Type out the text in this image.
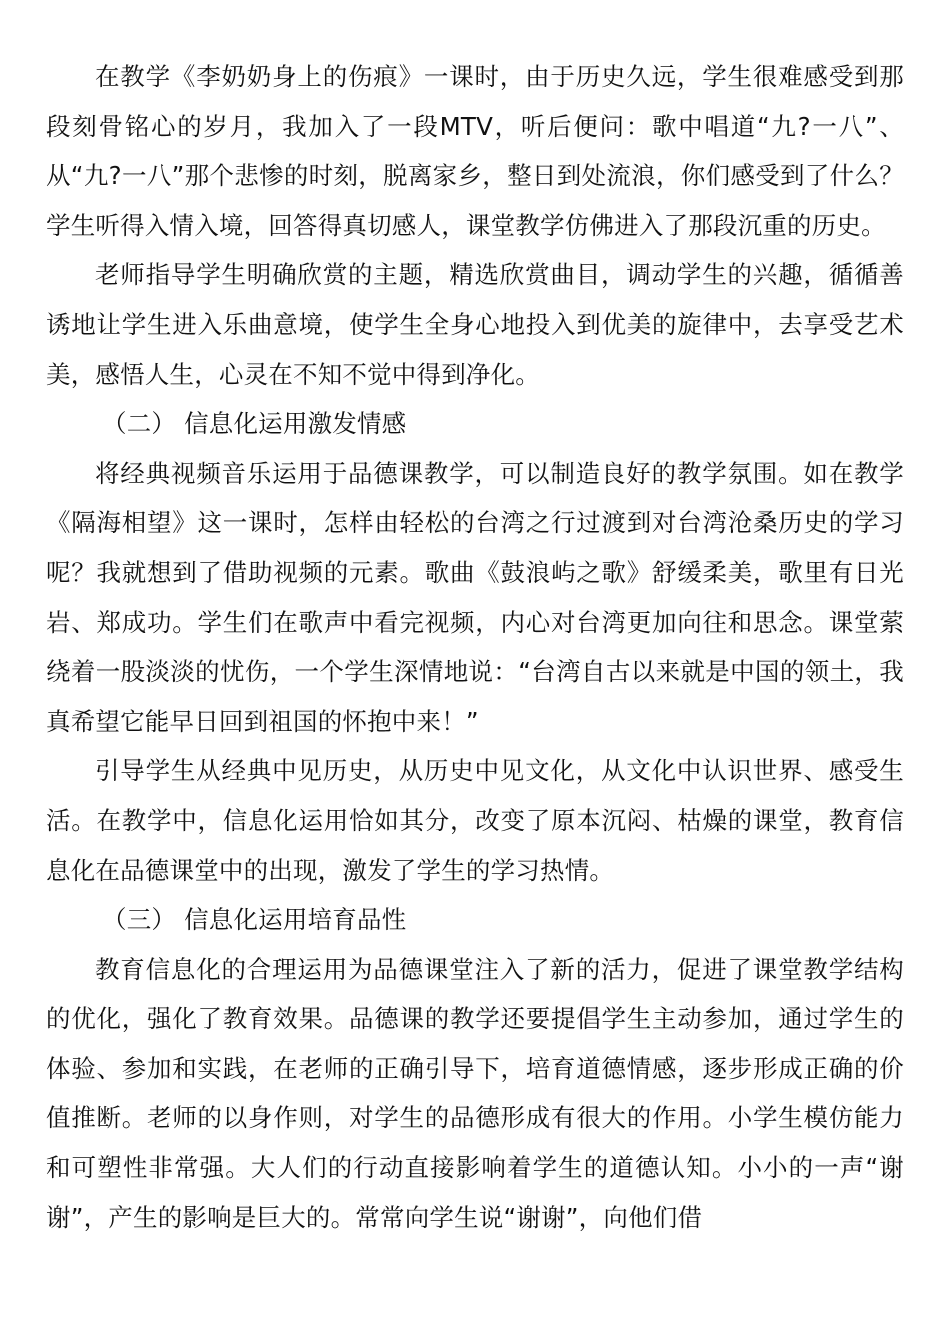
在教学《李奶奶身上的伤痕》一课时，由于历史久远，学生很难感受到那段刻骨铭心的岁月，我加入了一段MTV，听后便问：歌中唱道“九?一八”、从“九?一八”那个悲惨的时刻，脱离家乡，整日到处流浪，你们感受到了什么？学生听得入情入境，回答得真切感人，课堂教学仿佛进入了那段沉重的历史。

老师指导学生明确欣赏的主题，精选欣赏曲目，调动学生的兴趣，循循善诱地让学生进入乐曲意境，使学生全身心地投入到优美的旋律中，去享受艺术美，感悟人生，心灵在不知不觉中得到净化。

（二） 信息化运用激发情感

将经典视频音乐运用于品德课教学，可以制造良好的教学氛围。如在教学《隔海相望》这一课时，怎样由轻松的台湾之行过渡到对台湾沧桑历史的学习呢？我就想到了借助视频的元素。歌曲《鼓浪屿之歌》舒缓柔美，歌里有日光岩、郑成功。学生们在歌声中看完视频，内心对台湾更加向往和思念。课堂萦绕着一股淡淡的忧伤，一个学生深情地说：“台湾自古以来就是中国的领土，我真希望它能早日回到祖国的怀抱中来！”

引导学生从经典中见历史，从历史中见文化，从文化中认识世界、感受生活。在教学中，信息化运用恰如其分，改变了原本沉闷、枯燥的课堂，教育信息化在品德课堂中的出现，激发了学生的学习热情。

（三） 信息化运用培育品性

教育信息化的合理运用为品德课堂注入了新的活力，促进了课堂教学结构的优化，强化了教育效果。品德课的教学还要提倡学生主动参加，通过学生的体验、参加和实践，在老师的正确引导下，培育道德情感，逐步形成正确的价值推断。老师的以身作则，对学生的品德形成有很大的作用。小学生模仿能力和可塑性非常强。大人们的行动直接影响着学生的道德认知。小小的一声“谢谢”，产生的影响是巨大的。常常向学生说“谢谢”，向他们借
